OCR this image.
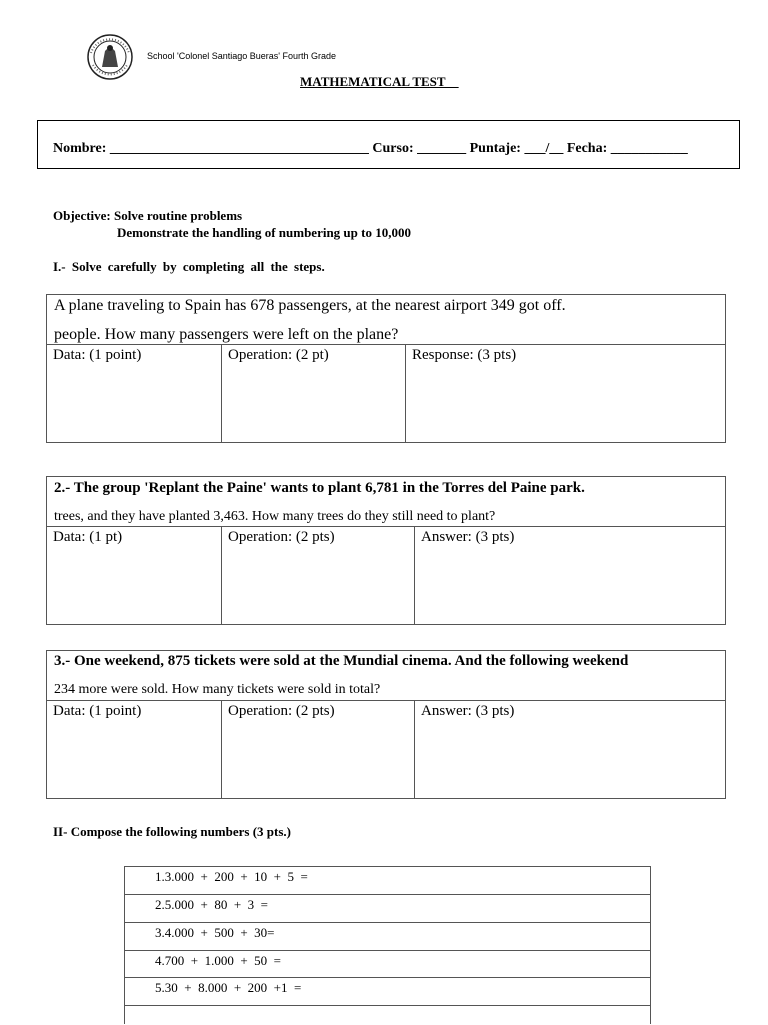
School 'Colonel Santiago Bueras' Fourth Grade
MATHEMATICAL TEST__
Nombre: _____________________________________ Curso: _______ Puntaje: ___/__ Fecha: ___________
Objective: Solve routine problems
Demonstrate the handling of numbering up to 10,000
I.- Solve carefully by completing all the steps.
A plane traveling to Spain has 678 passengers, at the nearest airport 349 got off.
people. How many passengers were left on the plane?
Data: (1 point)	Operation: (2 pt)	Response: (3 pts)
2.- The group 'Replant the Paine' wants to plant 6,781 in the Torres del Paine park.
trees, and they have planted 3,463. How many trees do they still need to plant?
Data: (1 pt)	Operation: (2 pts)	Answer: (3 pts)
3.- One weekend, 875 tickets were sold at the Mundial cinema. And the following weekend
234 more were sold. How many tickets were sold in total?
Data: (1 point)	Operation: (2 pts)	Answer: (3 pts)
II- Compose the following numbers (3 pts.)
1.3.000  +  200  +  10  +  5  =
2.5.000  +  80  +  3  =
3.4.000  +  500  +  30=
4.700  +  1.000  +  50  =
5.30  +  8.000  +  200  +1  =
